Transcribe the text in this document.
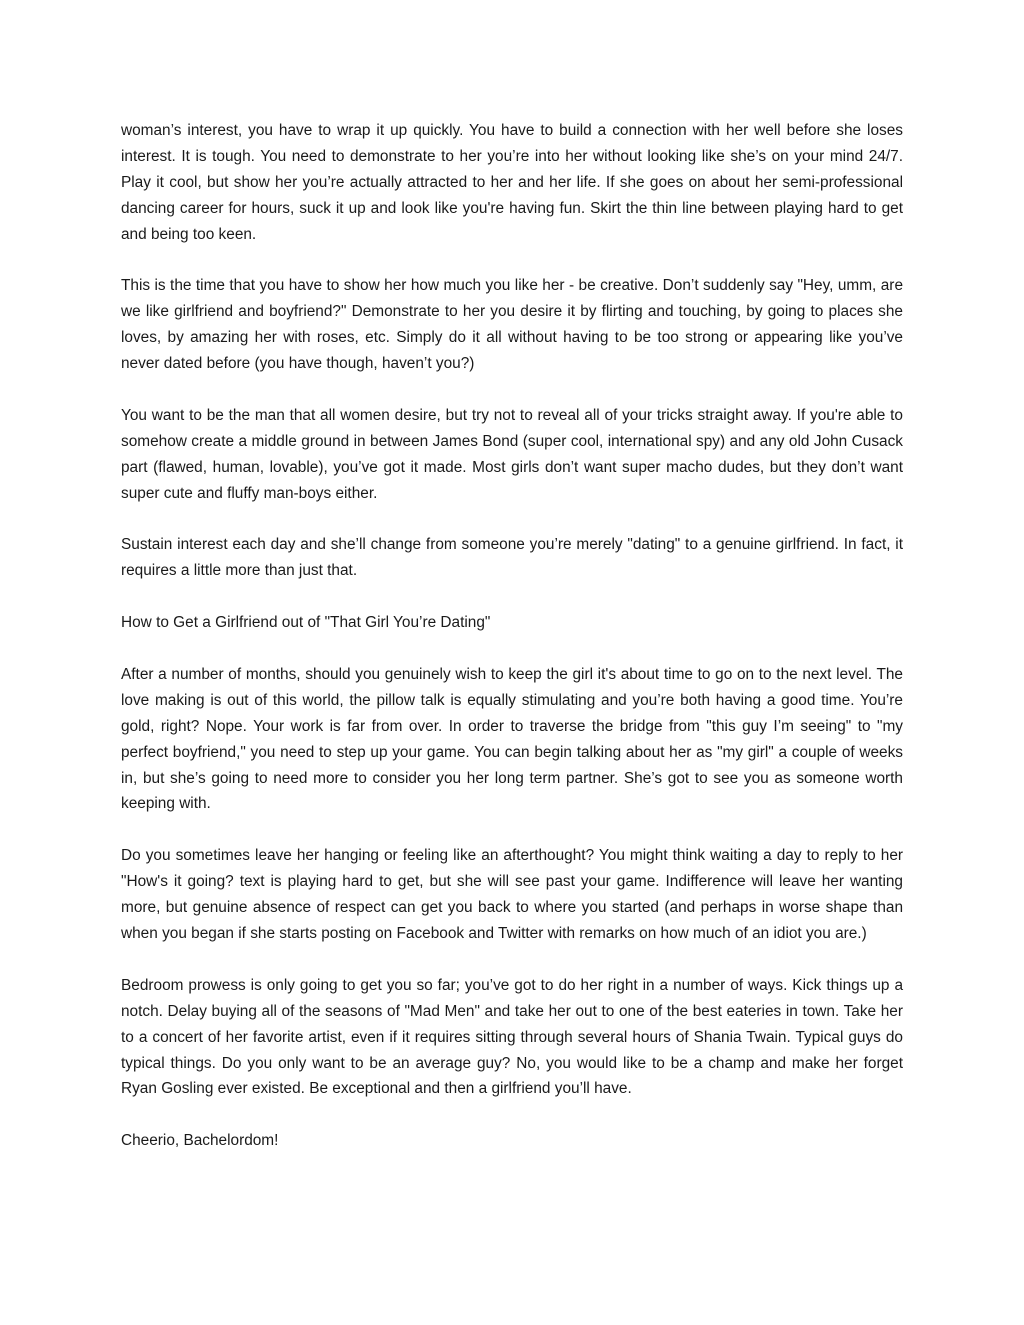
woman’s interest, you have to wrap it up quickly. You have to build a connection with her well before she loses interest. It is tough. You need to demonstrate to her you’re into her without looking like she’s on your mind 24/7. Play it cool, but show her you’re actually attracted to her and her life. If she goes on about her semi-professional dancing career for hours, suck it up and look like you're having fun. Skirt the thin line between playing hard to get and being too keen.

This is the time that you have to show her how much you like her - be creative. Don’t suddenly say "Hey, umm, are we like girlfriend and boyfriend?" Demonstrate to her you desire it by flirting and touching, by going to places she loves, by amazing her with roses, etc. Simply do it all without having to be too strong or appearing like you’ve never dated before (you have though, haven’t you?)

You want to be the man that all women desire, but try not to reveal all of your tricks straight away. If you're able to somehow create a middle ground in between James Bond (super cool, international spy) and any old John Cusack part (flawed, human, lovable), you’ve got it made. Most girls don’t want super macho dudes, but they don’t want super cute and fluffy man-boys either.

Sustain interest each day and she’ll change from someone you’re merely "dating" to a genuine girlfriend. In fact, it requires a little more than just that.

How to Get a Girlfriend out of "That Girl You’re Dating"

After a number of months, should you genuinely wish to keep the girl it's about time to go on to the next level. The love making is out of this world, the pillow talk is equally stimulating and you’re both having a good time. You’re gold, right? Nope. Your work is far from over. In order to traverse the bridge from "this guy I’m seeing" to "my perfect boyfriend," you need to step up your game. You can begin talking about her as "my girl" a couple of weeks in, but she’s going to need more to consider you her long term partner. She’s got to see you as someone worth keeping with.

Do you sometimes leave her hanging or feeling like an afterthought? You might think waiting a day to reply to her "How's it going? text is playing hard to get, but she will see past your game. Indifference will leave her wanting more, but genuine absence of respect can get you back to where you started (and perhaps in worse shape than when you began if she starts posting on Facebook and Twitter with remarks on how much of an idiot you are.)

Bedroom prowess is only going to get you so far; you’ve got to do her right in a number of ways. Kick things up a notch. Delay buying all of the seasons of "Mad Men" and take her out to one of the best eateries in town. Take her to a concert of her favorite artist, even if it requires sitting through several hours of Shania Twain. Typical guys do typical things. Do you only want to be an average guy? No, you would like to be a champ and make her forget Ryan Gosling ever existed. Be exceptional and then a girlfriend you’ll have.

Cheerio, Bachelordom!
